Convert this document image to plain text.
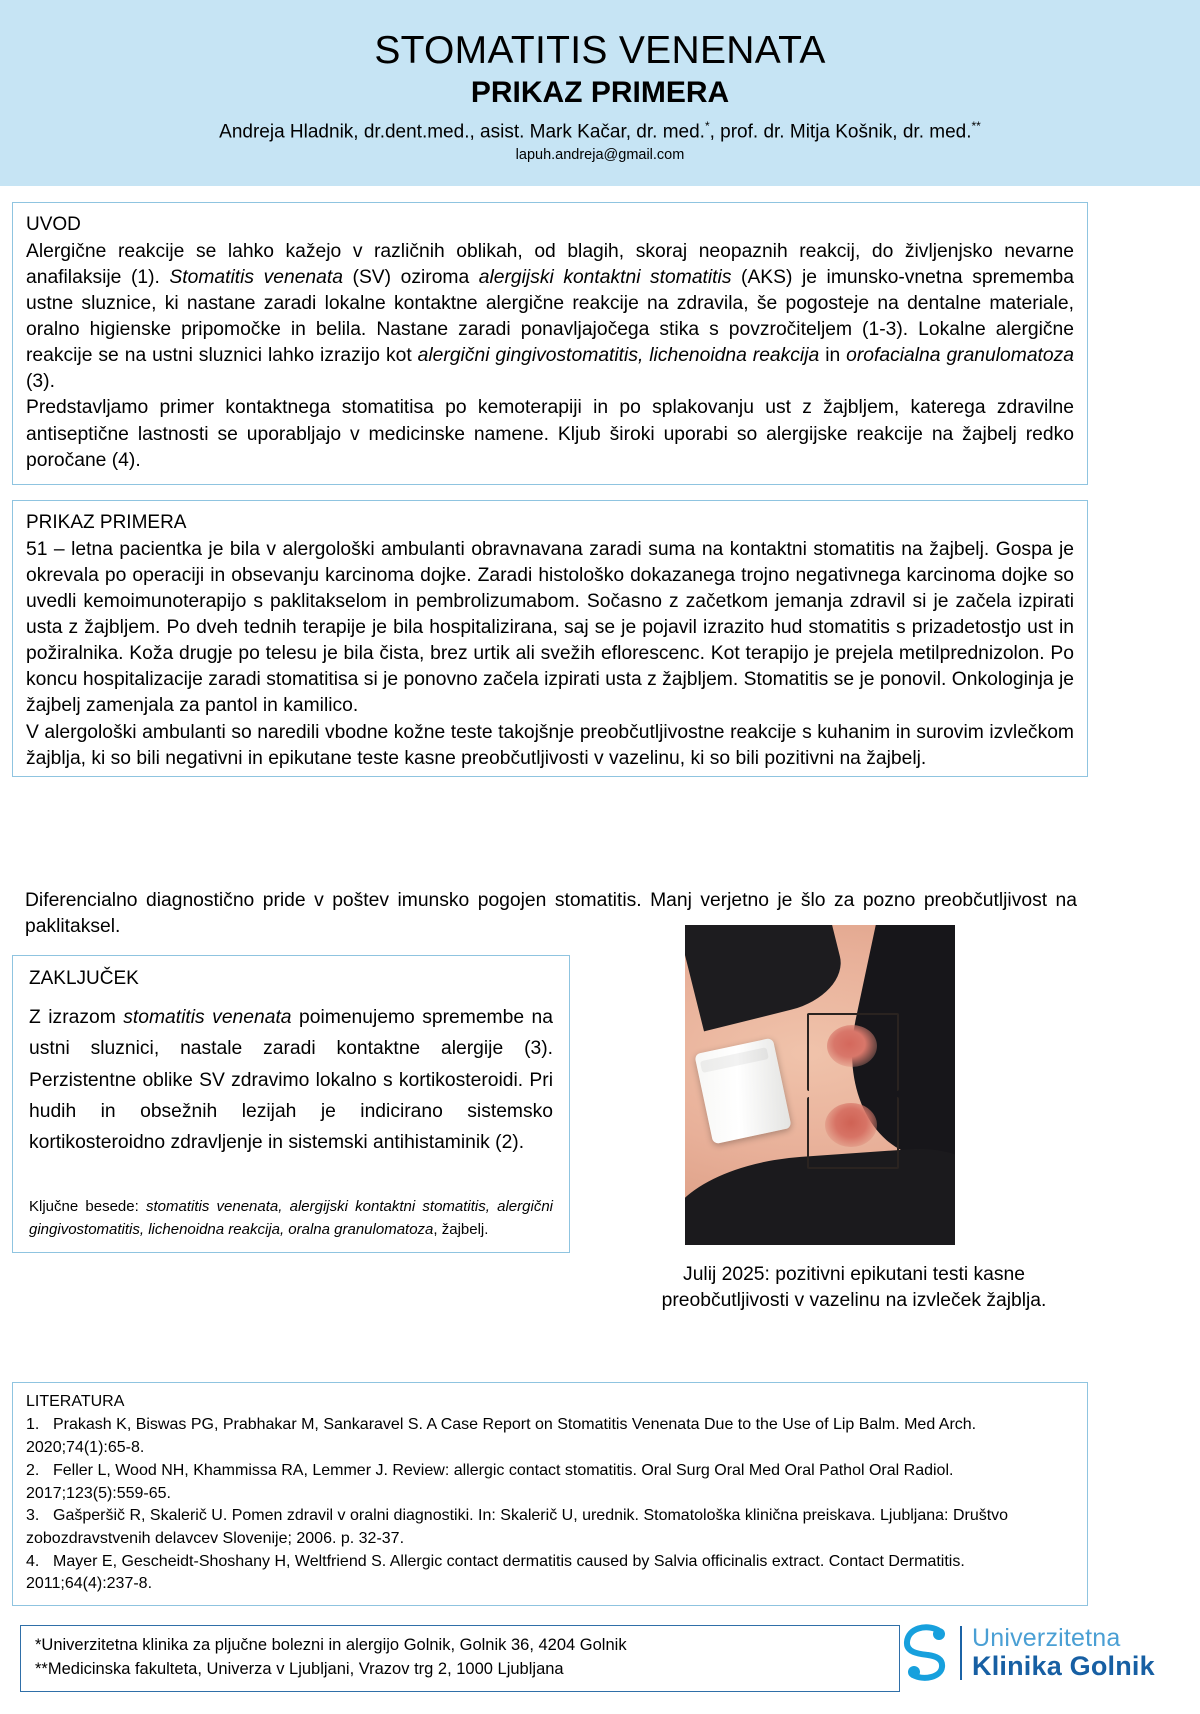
STOMATITIS VENENATA
PRIKAZ PRIMERA

Andreja Hladnik, dr.dent.med., asist. Mark Kačar, dr. med.*, prof. dr. Mitja Košnik, dr. med.**

lapuh.andreja@gmail.com

UVOD

Alergične reakcije se lahko kažejo v različnih oblikah, od blagih, skoraj neopaznih reakcij, do življenjsko nevarne anafilaksije (1). Stomatitis venenata (SV) oziroma alergijski kontaktni stomatitis (AKS) je imunsko-vnetna sprememba ustne sluznice, ki nastane zaradi lokalne kontaktne alergične reakcije na zdravila, še pogosteje na dentalne materiale, oralno higienske pripomočke in belila. Nastane zaradi ponavljajočega stika s povzročiteljem (1-3). Lokalne alergične reakcije se na ustni sluznici lahko izrazijo kot alergični gingivostomatitis, lichenoidna reakcija in orofacialna granulomatoza (3).

Predstavljamo primer kontaktnega stomatitisa po kemoterapiji in po splakovanju ust z žajbljem, katerega zdravilne antiseptične lastnosti se uporabljajo v medicinske namene. Kljub široki uporabi so alergijske reakcije na žajbelj redko poročane (4).

PRIKAZ PRIMERA

51 – letna pacientka je bila v alergološki ambulanti obravnavana zaradi suma na kontaktni stomatitis na žajbelj. Gospa je okrevala po operaciji in obsevanju karcinoma dojke. Zaradi histološko dokazanega trojno negativnega karcinoma dojke so uvedli kemoimunoterapijo s paklitakselom in pembrolizumabom. Sočasno z začetkom jemanja zdravil si je začela izpirati usta z žajbljem. Po dveh tednih terapije je bila hospitalizirana, saj se je pojavil izrazito hud stomatitis s prizadetostjo ust in požiralnika. Koža drugje po telesu je bila čista, brez urtik ali svežih eflorescenc. Kot terapijo je prejela metilprednizolon. Po koncu hospitalizacije zaradi stomatitisa si je ponovno začela izpirati usta z žajbljem. Stomatitis se je ponovil. Onkologinja je žajbelj zamenjala za pantol in kamilico.

V alergološki ambulanti so naredili vbodne kožne teste takojšnje preobčutljivostne reakcije s kuhanim in surovim izvlečkom žajblja, ki so bili negativni in epikutane teste kasne preobčutljivosti v vazelinu, ki so bili pozitivni na žajbelj.

Diferencialno diagnostično pride v poštev imunsko pogojen stomatitis. Manj verjetno je šlo za pozno preobčutljivost na paklitaksel.
ZAKLJUČEK

Z izrazom stomatitis venenata poimenujemo spremembe na ustni sluznici, nastale zaradi kontaktne alergije (3). Perzistentne oblike SV zdravimo lokalno s kortikosteroidi. Pri hudih in obsežnih lezijah je indicirano sistemsko kortikosteroidno zdravljenje in sistemski antihistaminik (2).

Ključne besede: stomatitis venenata, alergijski kontaktni stomatitis, alergični gingivostomatitis, lichenoidna reakcija, oralna granulomatoza, žajbelj.

Julij 2025: pozitivni epikutani testi kasne preobčutljivosti v vazelinu na izvleček žajblja.
LITERATURA

1. Prakash K, Biswas PG, Prabhakar M, Sankaravel S. A Case Report on Stomatitis Venenata Due to the Use of Lip Balm. Med Arch. 2020;74(1):65-8.

2. Feller L, Wood NH, Khammissa RA, Lemmer J. Review: allergic contact stomatitis. Oral Surg Oral Med Oral Pathol Oral Radiol. 2017;123(5):559-65.

3. Gašperšič R, Skalerič U. Pomen zdravil v oralni diagnostiki. In: Skalerič U, urednik. Stomatološka klinična preiskava. Ljubljana: Društvo zobozdravstvenih delavcev Slovenije; 2006. p. 32-37.

4. Mayer E, Gescheidt-Shoshany H, Weltfriend S. Allergic contact dermatitis caused by Salvia officinalis extract. Contact Dermatitis. 2011;64(4):237-8.

*Univerzitetna klinika za pljučne bolezni in alergijo Golnik, Golnik 36, 4204 Golnik

**Medicinska fakulteta, Univerza v Ljubljani, Vrazov trg 2, 1000 Ljubljana

Univerzitetna
Klinika Golnik
